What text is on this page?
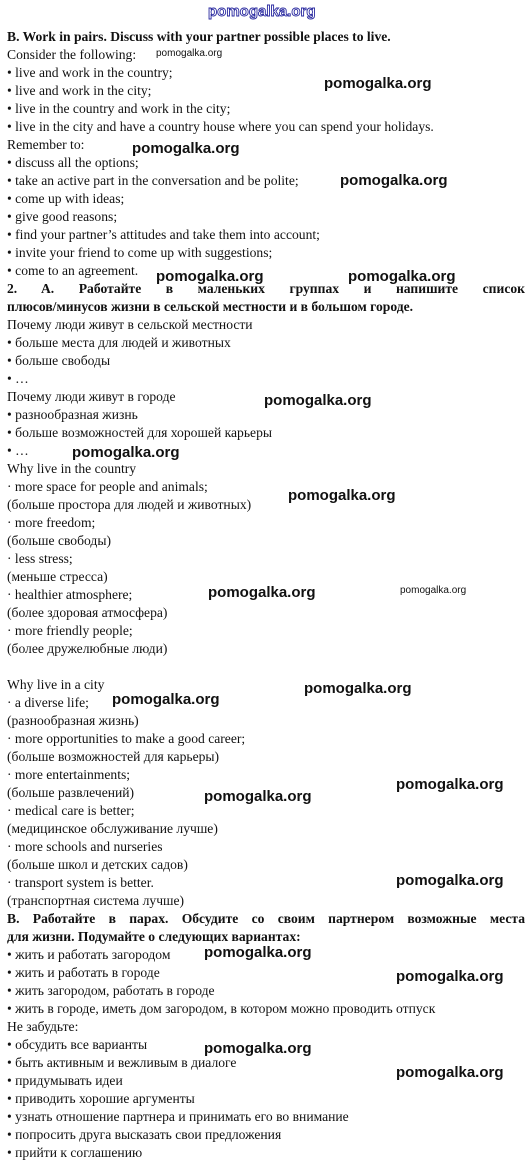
pomogalka.org
B. Work in pairs. Discuss with your partner possible places to live.
Consider the following:
• live and work in the country;
• live and work in the city;
• live in the country and work in the city;
• live in the city and have a country house where you can spend your holidays.
Remember to:
• discuss all the options;
• take an active part in the conversation and be polite;
• come up with ideas;
• give good reasons;
• find your partner’s attitudes and take them into account;
• invite your friend to come up with suggestions;
• come to an agreement.
2. A. Работайте в маленьких группах и напишите список
плюсов/минусов жизни в сельской местности и в большом городе.
Почему люди живут в сельской местности
• больше места для людей и животных
• больше свободы
• …
Почему люди живут в городе
• разнообразная жизнь
• больше возможностей для хорошей карьеры
• …
Why live in the country
· more space for people and animals;
(больше простора для людей и животных)
· more freedom;
(больше свободы)
· less stress;
(меньше стресса)
· healthier atmosphere;
(более здоровая атмосфера)
· more friendly people;
(более дружелюбные люди)
Why live in a city
· a diverse life;
(разнообразная жизнь)
· more opportunities to make a good career;
(больше возможностей для карьеры)
· more entertainments;
(больше развлечений)
· medical care is better;
(медицинское обслуживание лучше)
· more schools and nurseries
(больше школ и детских садов)
· transport system is better.
(транспортная система лучше)
B. Работайте в парах. Обсудите со своим партнером возможные места
для жизни. Подумайте о следующих вариантах:
• жить и работать загородом
• жить и работать в городе
• жить загородом, работать в городе
• жить в городе, иметь дом загородом, в котором можно проводить отпуск
Не забудьте:
• обсудить все варианты
• быть активным и вежливым в диалоге
• придумывать идеи
• приводить хорошие аргументы
• узнать отношение партнера и принимать его во внимание
• попросить друга высказать свои предложения
• прийти к соглашению
pomogalka.org
pomogalka.org
pomogalka.org
pomogalka.org
pomogalka.org	pomogalka.org
pomogalka.org
pomogalka.org
pomogalka.org
pomogalka.org	pomogalka.org
pomogalka.org
pomogalka.org
pomogalka.org
pomogalka.org
pomogalka.org
pomogalka.org
pomogalka.org
pomogalka.org
pomogalka.org
